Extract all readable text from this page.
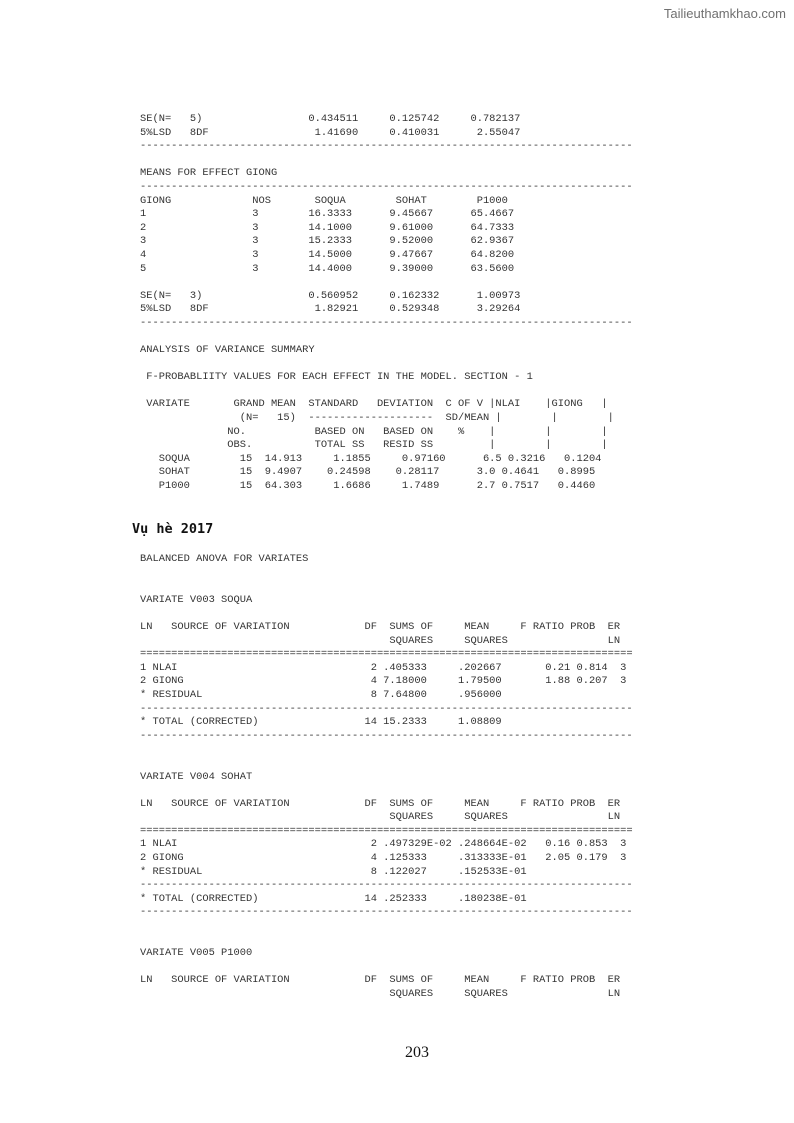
Tailieuthamkhao.com
SE(N=   5)                 0.434511     0.125742     0.782137
5%LSD   8DF                 1.41690     0.410031      2.55047
-------------------------------------------------------------------------------

MEANS FOR EFFECT GIONG
-------------------------------------------------------------------------------
GIONG             NOS       SOQUA        SOHAT        P1000
1                 3        16.3333      9.45667      65.4667
2                 3        14.1000      9.61000      64.7333
3                 3        15.2333      9.52000      62.9367
4                 3        14.5000      9.47667      64.8200
5                 3        14.4000      9.39000      63.5600

SE(N=   3)                 0.560952     0.162332      1.00973
5%LSD   8DF                 1.82921     0.529348      3.29264
-------------------------------------------------------------------------------

ANALYSIS OF VARIANCE SUMMARY

F-PROBABLIITY VALUES FOR EACH EFFECT IN THE MODEL. SECTION - 1

VARIATE       GRAND MEAN  STANDARD   DEVIATION  C OF V |NLAI    |GIONG   |
(N=   15)  --------------------  SD/MEAN |        |        |
NO.           BASED ON   BASED ON    %    |        |        |
OBS.          TOTAL SS   RESID SS         |        |        |
SOQUA        15  14.913     1.1855     0.97160      6.5 0.3216   0.1204
SOHAT        15  9.4907    0.24598    0.28117      3.0 0.4641   0.8995
P1000        15  64.303     1.6686     1.7489      2.7 0.7517   0.4460
Vụ hè 2017
BALANCED ANOVA FOR VARIATES

VARIATE V003 SOQUA

LN   SOURCE OF VARIATION            DF  SUMS OF     MEAN     F RATIO PROB  ER
SQUARES     SQUARES                LN
===============================================================================
1 NLAI                               2 .405333     .202667       0.21 0.814  3
2 GIONG                              4 7.18000     1.79500       1.88 0.207  3
* RESIDUAL                           8 7.64800     .956000
-------------------------------------------------------------------------------
* TOTAL (CORRECTED)                 14 15.2333     1.08809
-------------------------------------------------------------------------------

VARIATE V004 SOHAT

LN   SOURCE OF VARIATION            DF  SUMS OF     MEAN     F RATIO PROB  ER
SQUARES     SQUARES                LN
===============================================================================
1 NLAI                               2 .497329E-02 .248664E-02   0.16 0.853  3
2 GIONG                              4 .125333     .313333E-01   2.05 0.179  3
* RESIDUAL                           8 .122027     .152533E-01
-------------------------------------------------------------------------------
* TOTAL (CORRECTED)                 14 .252333     .180238E-01
-------------------------------------------------------------------------------

VARIATE V005 P1000

LN   SOURCE OF VARIATION            DF  SUMS OF     MEAN     F RATIO PROB  ER
SQUARES     SQUARES                LN
203
